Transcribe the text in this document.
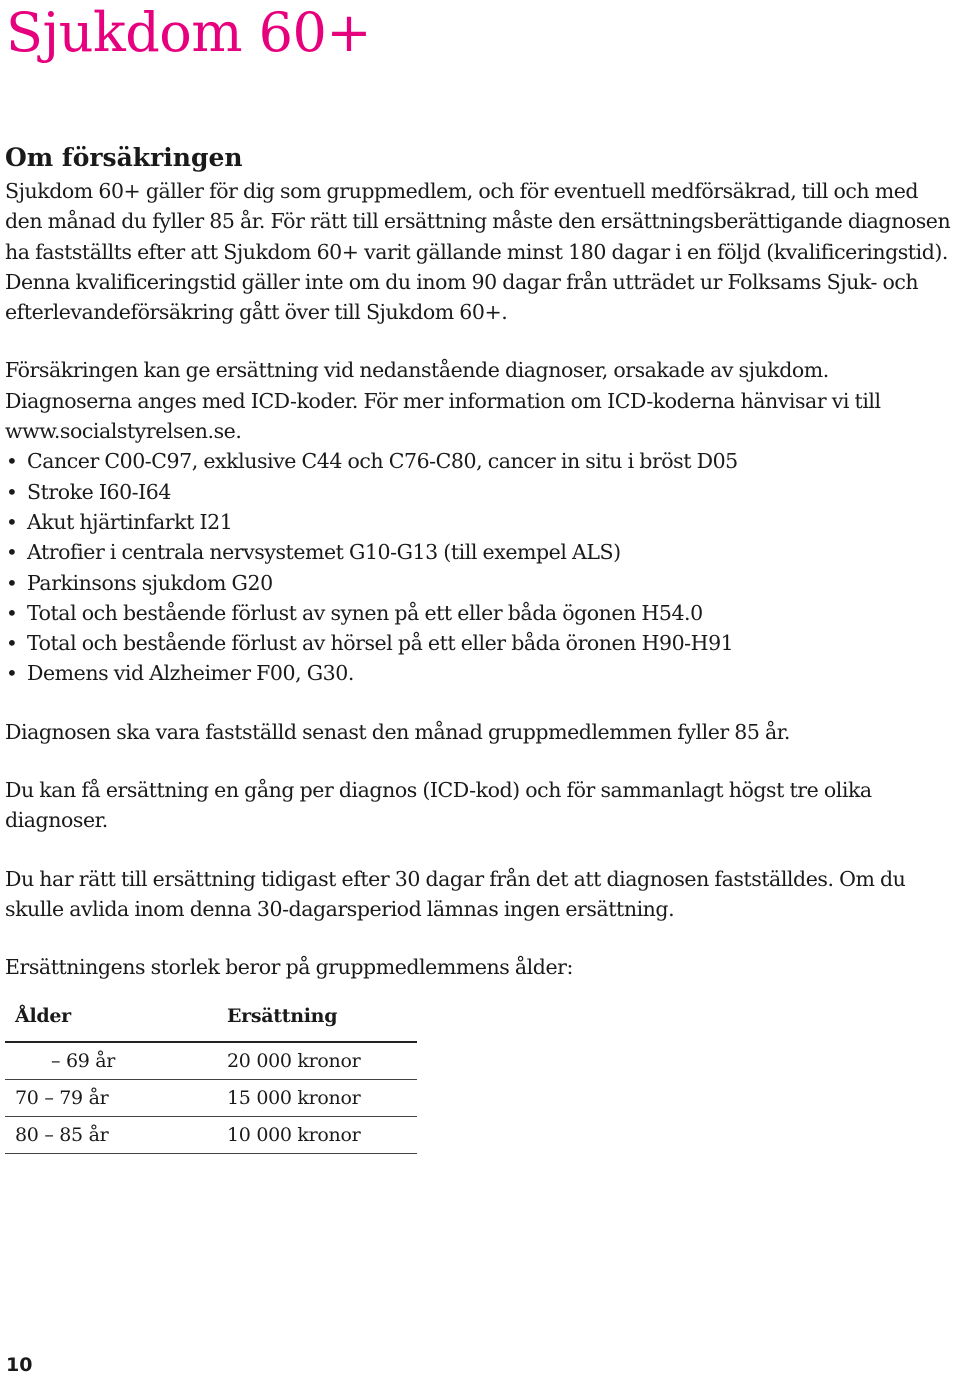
Sjukdom 60+
Om försäkringen

Sjukdom 60+ gäller för dig som gruppmedlem, och för eventuell medförsäkrad, till och med den månad du fyller 85 år. För rätt till ersättning måste den ersättningsberättigande diagnosen ha fastställts efter att Sjukdom 60+ varit gällande minst 180 dagar i en följd (kvalificeringstid). Denna kvalificeringstid gäller inte om du inom 90 dagar från utträdet ur Folksams Sjuk- och efterlevandeförsäkring gått över till Sjukdom 60+.

Försäkringen kan ge ersättning vid nedanstående diagnoser, orsakade av sjukdom. Diagnoserna anges med ICD-koder. För mer information om ICD-koderna hänvisar vi till www.socialstyrelsen.se.

• Cancer C00-C97, exklusive C44 och C76-C80, cancer in situ i bröst D05
• Stroke I60-I64
• Akut hjärtinfarkt I21
• Atrofier i centrala nervsystemet G10-G13 (till exempel ALS)
• Parkinsons sjukdom G20
• Total och bestående förlust av synen på ett eller båda ögonen H54.0
• Total och bestående förlust av hörsel på ett eller båda öronen H90-H91
• Demens vid Alzheimer F00, G30.

Diagnosen ska vara fastställd senast den månad gruppmedlemmen fyller 85 år.

Du kan få ersättning en gång per diagnos (ICD-kod) och för sammanlagt högst tre olika diagnoser.

Du har rätt till ersättning tidigast efter 30 dagar från det att diagnosen fastställdes. Om du skulle avlida inom denna 30-dagarsperiod lämnas ingen ersättning.

Ersättningens storlek beror på gruppmedlemmens ålder:

Ålder	Ersättning
– 69 år	20 000 kronor
70 – 79 år	15 000 kronor
80 – 85 år	10 000 kronor
10
